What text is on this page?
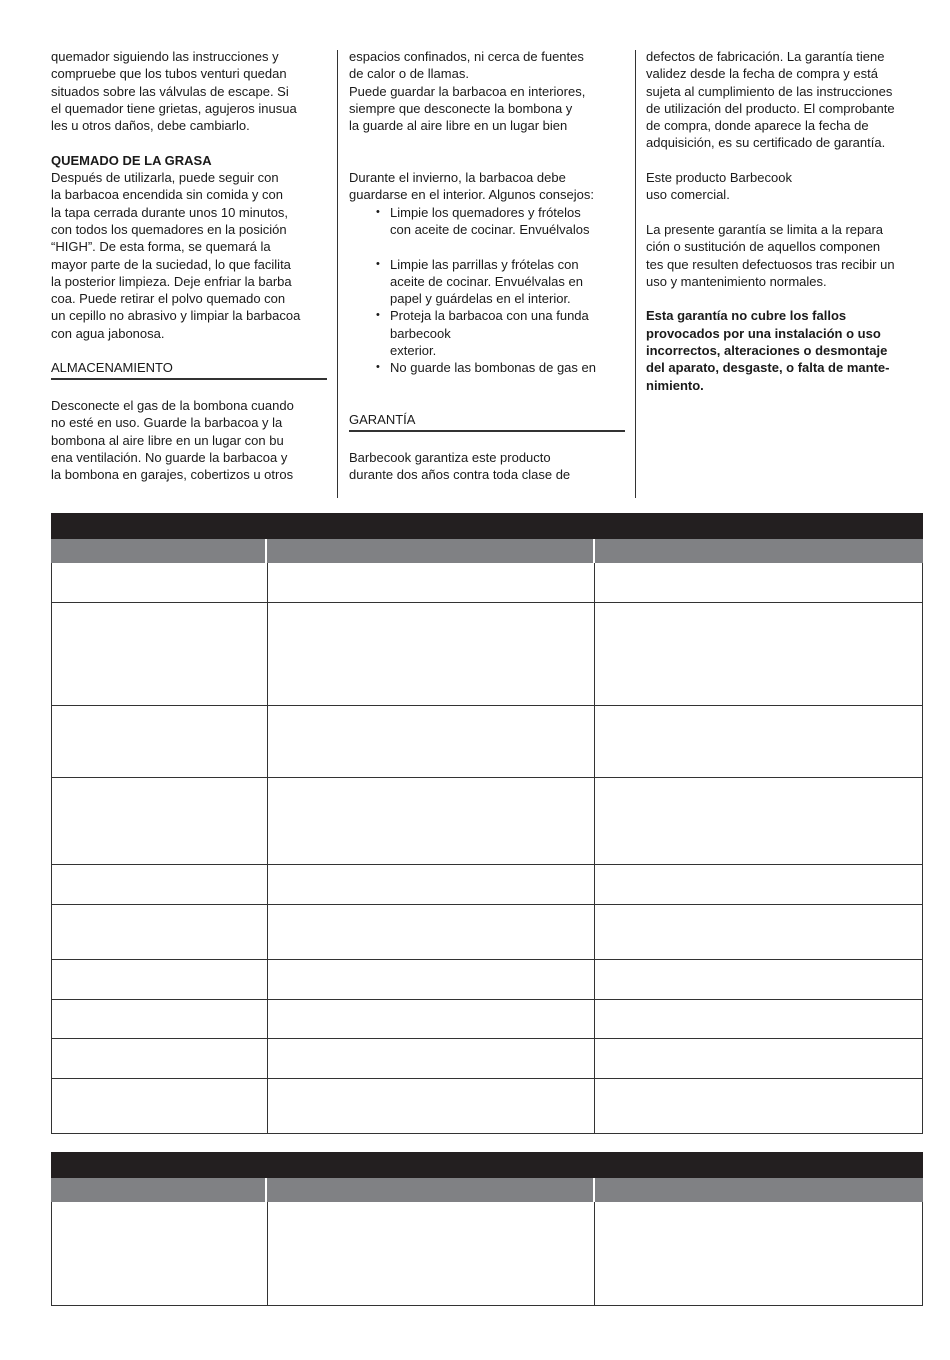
quemador siguiendo las instrucciones y
compruebe que los tubos venturi quedan
situados sobre las válvulas de escape. Si
el quemador tiene grietas, agujeros inusua
les u otros daños, debe cambiarlo.
QUEMADO DE LA GRASA
Después de utilizarla, puede seguir con
la barbacoa encendida sin comida y con
la tapa cerrada durante unos 10 minutos,
con todos los quemadores en la posición
“HIGH”. De esta forma, se quemará la
mayor parte de la suciedad, lo que facilita
la posterior limpieza. Deje enfriar la barba
coa. Puede retirar el polvo quemado con
un cepillo no abrasivo y limpiar la barbacoa
con agua jabonosa.
ALMACENAMIENTO
Desconecte el gas de la bombona cuando
no esté en uso. Guarde la barbacoa y la
bombona al aire libre en un lugar con bu
ena ventilación. No guarde la barbacoa y
la bombona en garajes, cobertizos u otros
espacios confinados, ni cerca de fuentes
de calor o de llamas.
Puede guardar la barbacoa en interiores,
siempre que desconecte la bombona y
la guarde al aire libre en un lugar bien
Durante el invierno, la barbacoa debe
guardarse en el interior. Algunos consejos:
• Limpie los quemadores y frótelos
con aceite de cocinar. Envuélvalos
• Limpie las parrillas y frótelas con
aceite de cocinar. Envuélvalas en
papel y guárdelas en el interior.
• Proteja la barbacoa con una funda
barbecook
exterior.
• No guarde las bombonas de gas en
GARANTÍA
Barbecook garantiza este producto
durante dos años contra toda clase de
defectos de fabricación. La garantía tiene
validez desde la fecha de compra y está
sujeta al cumplimiento de las instrucciones
de utilización del producto. El comprobante
de compra, donde aparece la fecha de
adquisición, es su certificado de garantía.
Este producto Barbecook
uso comercial.
La presente garantía se limita a la repara
ción o sustitución de aquellos componen
tes que resulten defectuosos tras recibir un
uso y mantenimiento normales.
Esta garantía no cubre los fallos
provocados por una instalación o uso
incorrectos, alteraciones o desmontaje
del aparato, desgaste, o falta de mante-
nimiento.
